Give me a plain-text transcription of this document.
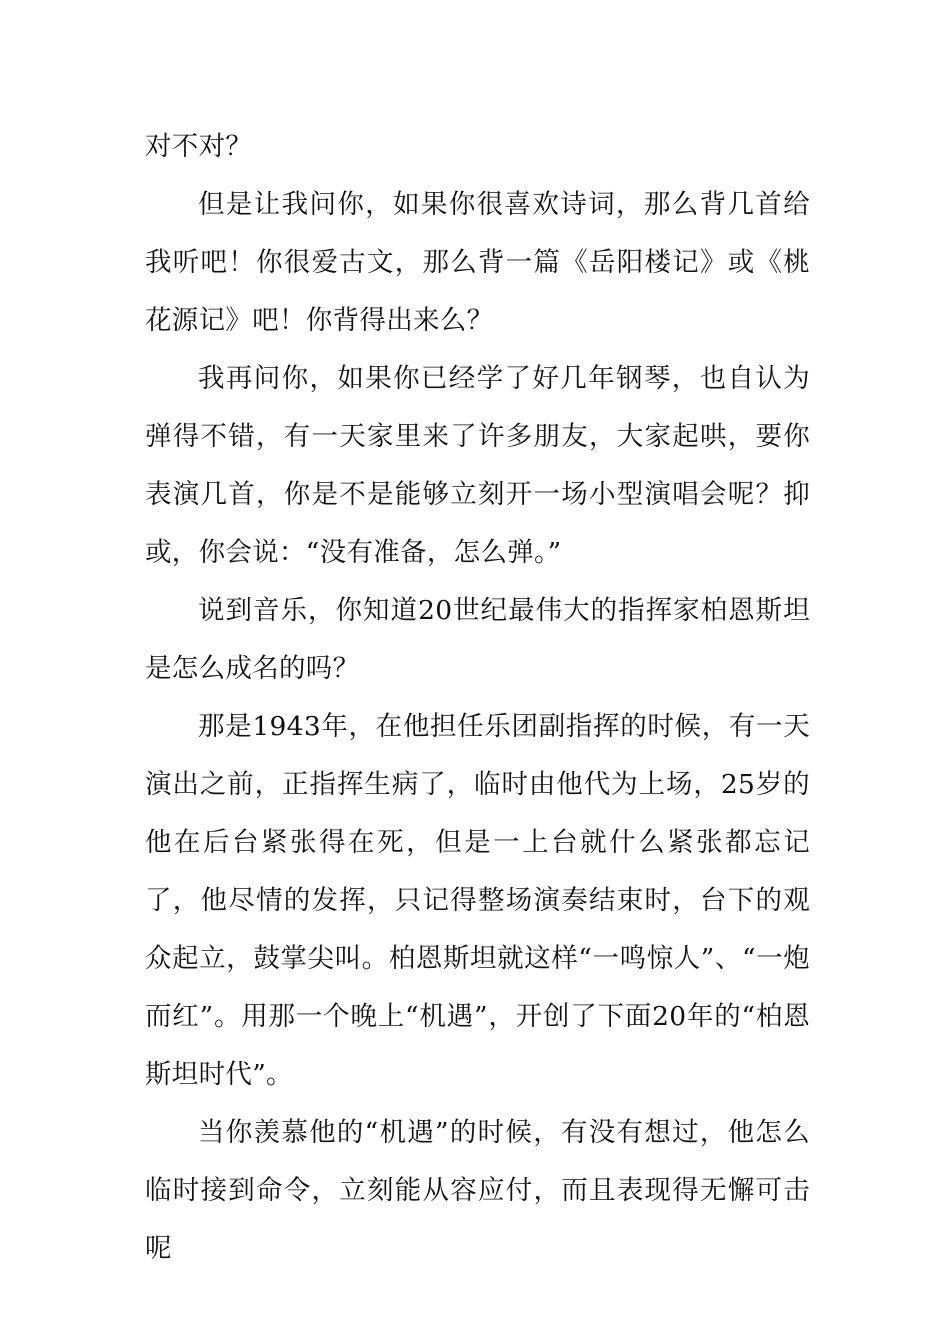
对不对？

但是让我问你，如果你很喜欢诗词，那么背几首给我听吧！你很爱古文，那么背一篇《岳阳楼记》或《桃花源记》吧！你背得出来么？

我再问你，如果你已经学了好几年钢琴，也自认为弹得不错，有一天家里来了许多朋友，大家起哄，要你表演几首，你是不是能够立刻开一场小型演唱会呢？抑或，你会说：“没有准备，怎么弹。”

说到音乐，你知道20世纪最伟大的指挥家柏恩斯坦是怎么成名的吗？

那是1943年，在他担任乐团副指挥的时候，有一天演出之前，正指挥生病了，临时由他代为上场，25岁的他在后台紧张得在死，但是一上台就什么紧张都忘记了，他尽情的发挥，只记得整场演奏结束时，台下的观众起立，鼓掌尖叫。柏恩斯坦就这样“一鸣惊人”、“一炮而红”。用那一个晚上“机遇”，开创了下面20年的“柏恩斯坦时代”。

当你羡慕他的“机遇”的时候，有没有想过，他怎么临时接到命令，立刻能从容应付，而且表现得无懈可击呢
